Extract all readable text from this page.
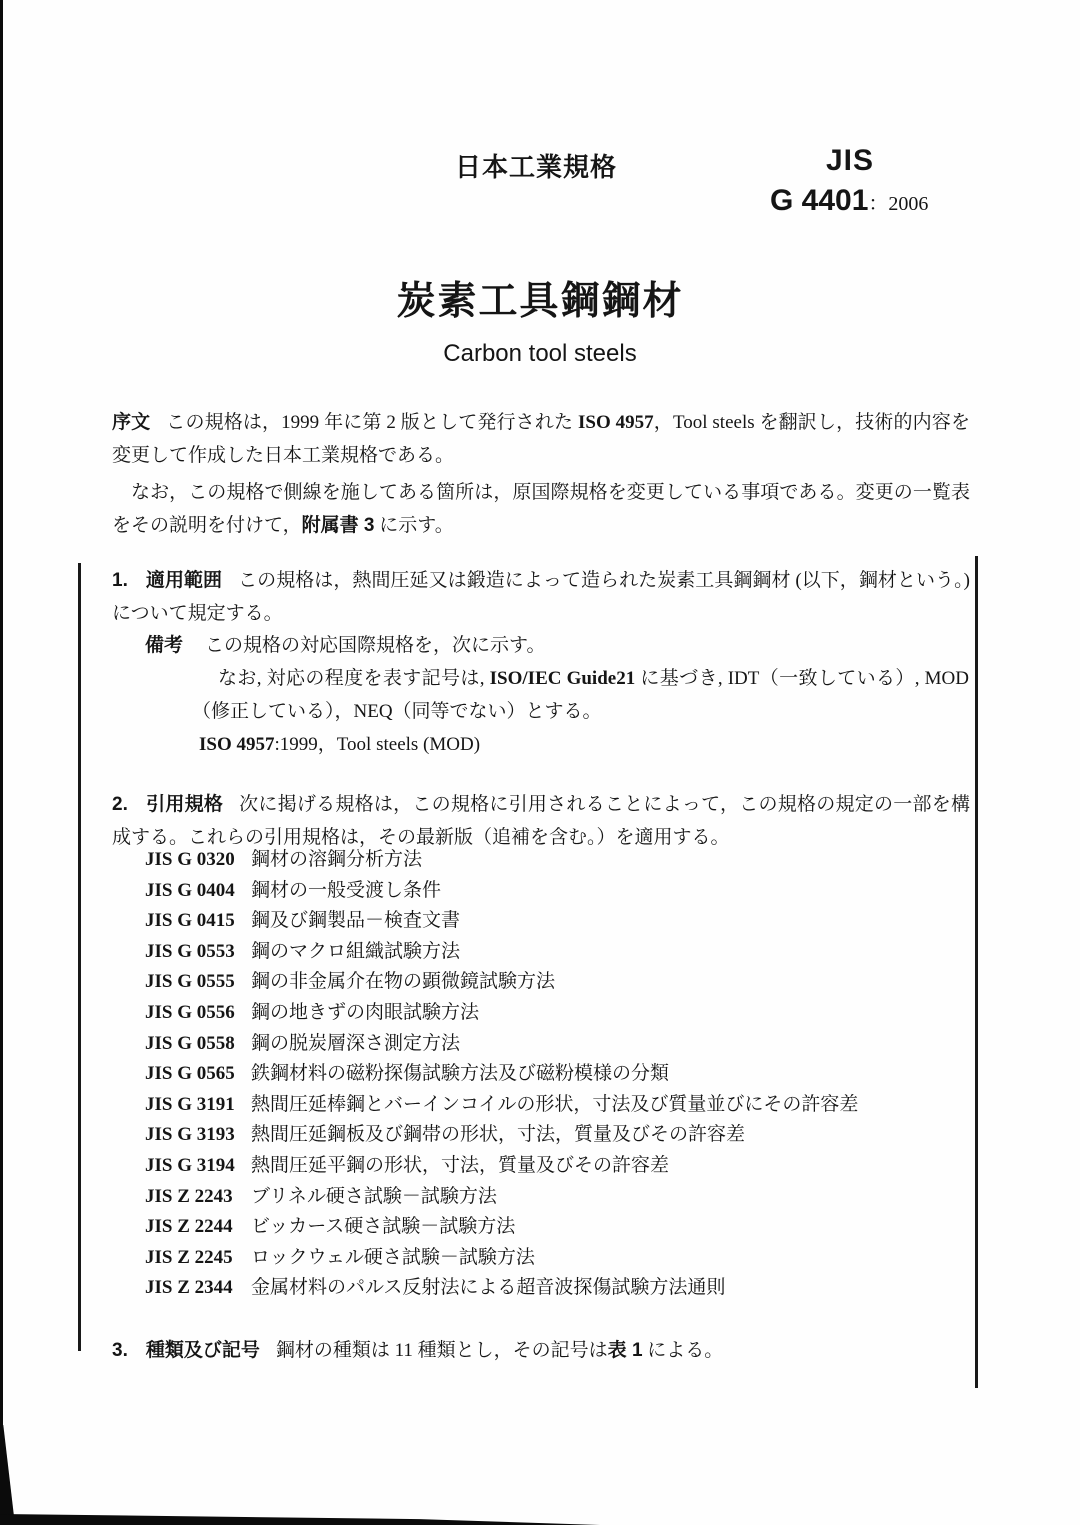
日本工業規格	JIS
G 4401：2006
炭素工具鋼鋼材
Carbon tool steels

序文 この規格は，1999 年に第 2 版として発行された ISO 4957，Tool steels を翻訳し，技術的内容を変更して作成した日本工業規格である。

なお，この規格で側線を施してある箇所は，原国際規格を変更している事項である。変更の一覧表をその説明を付けて，附属書 3 に示す。

1. 適用範囲 この規格は，熱間圧延又は鍛造によって造られた炭素工具鋼鋼材 (以下，鋼材という。) について規定する。
備考	この規格の対応国際規格を，次に示す。
なお, 対応の程度を表す記号は, ISO/IEC Guide21 に基づき, IDT（一致している）, MOD（修正している），NEQ（同等でない）とする。
ISO 4957:1999，Tool steels (MOD)
2. 引用規格 次に掲げる規格は，この規格に引用されることによって，この規格の規定の一部を構成する。これらの引用規格は，その最新版（追補を含む。）を適用する。
JIS G 0320 鋼材の溶鋼分析方法
JIS G 0404 鋼材の一般受渡し条件
JIS G 0415 鋼及び鋼製品－検査文書
JIS G 0553 鋼のマクロ組織試験方法
JIS G 0555 鋼の非金属介在物の顕微鏡試験方法
JIS G 0556 鋼の地きずの肉眼試験方法
JIS G 0558 鋼の脱炭層深さ測定方法
JIS G 0565 鉄鋼材料の磁粉探傷試験方法及び磁粉模様の分類
JIS G 3191 熱間圧延棒鋼とバーインコイルの形状，寸法及び質量並びにその許容差
JIS G 3193 熱間圧延鋼板及び鋼帯の形状，寸法，質量及びその許容差
JIS G 3194 熱間圧延平鋼の形状，寸法，質量及びその許容差
JIS Z 2243 ブリネル硬さ試験－試験方法
JIS Z 2244 ビッカース硬さ試験－試験方法
JIS Z 2245 ロックウェル硬さ試験－試験方法
JIS Z 2344 金属材料のパルス反射法による超音波探傷試験方法通則
3. 種類及び記号 鋼材の種類は 11 種類とし，その記号は表 1 による。
